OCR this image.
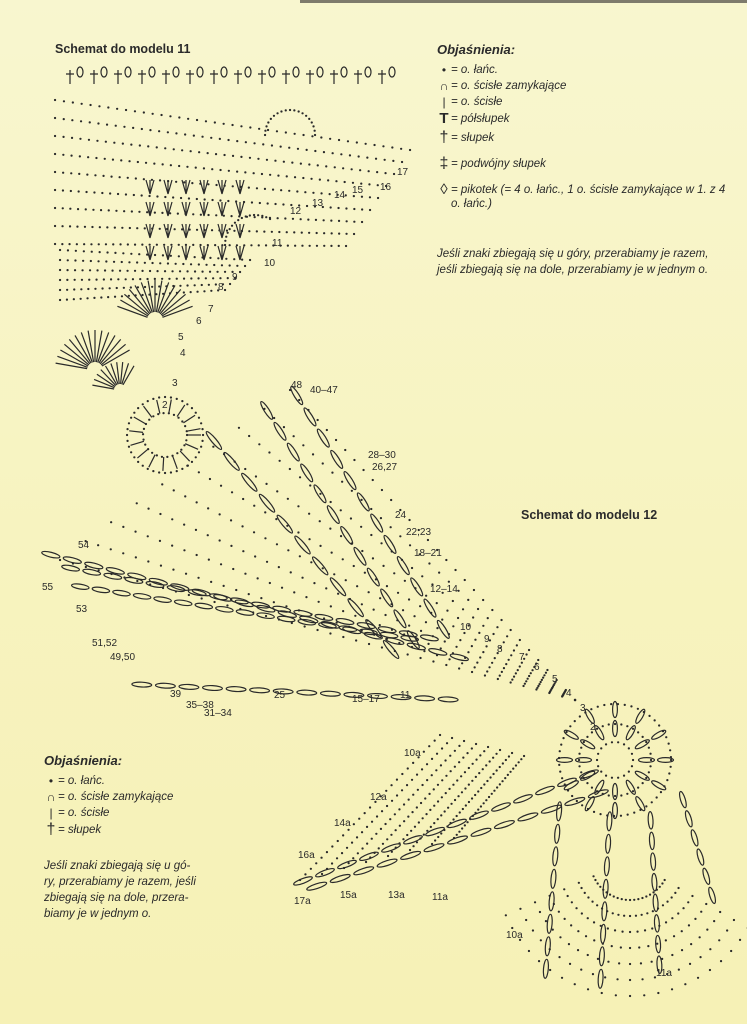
Schemat do modelu 11
Schemat do modelu 12
Objaśnienia:
• = o. łańc.
∩ = o. ścisłe zamykające
| = o. ścisłe
T = półsłupek
† = słupek
‡ = podwójny słupek
◊ = pikotek (= 4 o. łańc., 1 o. ścisłe zamykające w 1. z 4 o. łańc.)
Jeśli znaki zbiegają się u góry, przerabiamy je razem, jeśli zbiegają się na dole, przerabiamy je w jednym o.
Objaśnienia:
• = o. łańc.
∩ = o. ścisłe zamykające
| = o. ścisłe
† = słupek
Jeśli znaki zbiegają się u gó-
ry, przerabiamy je razem, jeśli
zbiegają się na dole, przera-
biamy je w jednym o.
17
16
15
14
13
12
11
10
9
8
7
6
5
4
3
2
48 40–47
28–30
26,27
24
22,23
18–21
12–14
10
9
8
7
6
5
4
3
2
39
35–38
31–34
25	15–17 11
55
54
53
51,52
49,50
10a
12a
14a
16a
17a
15a	13a	11a
10a
11a
